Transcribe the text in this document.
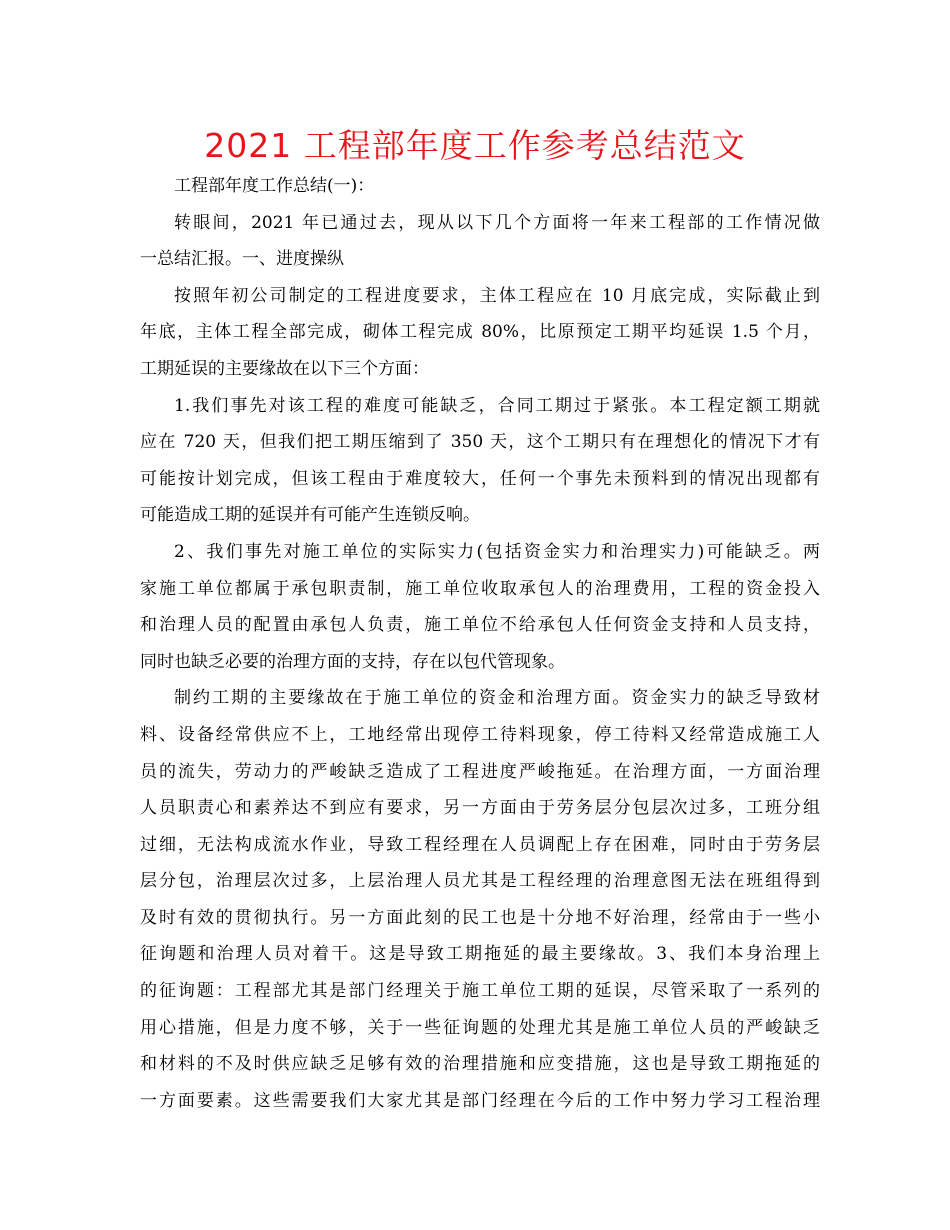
2021 工程部年度工作参考总结范文
工程部年度工作总结(一)：
转眼间，2021 年已通过去，现从以下几个方面将一年来工程部的工作情况做
一总结汇报。一、进度操纵
按照年初公司制定的工程进度要求，主体工程应在 10 月底完成，实际截止到
年底，主体工程全部完成，砌体工程完成 80%，比原预定工期平均延误 1.5 个月，
工期延误的主要缘故在以下三个方面：
1.我们事先对该工程的难度可能缺乏，合同工期过于紧张。本工程定额工期就
应在 720 天，但我们把工期压缩到了 350 天，这个工期只有在理想化的情况下才有
可能按计划完成，但该工程由于难度较大，任何一个事先未预料到的情况出现都有
可能造成工期的延误并有可能产生连锁反响。
2、我们事先对施工单位的实际实力(包括资金实力和治理实力)可能缺乏。两
家施工单位都属于承包职责制，施工单位收取承包人的治理费用，工程的资金投入
和治理人员的配置由承包人负责，施工单位不给承包人任何资金支持和人员支持，
同时也缺乏必要的治理方面的支持，存在以包代管现象。
制约工期的主要缘故在于施工单位的资金和治理方面。资金实力的缺乏导致材
料、设备经常供应不上，工地经常出现停工待料现象，停工待料又经常造成施工人
员的流失，劳动力的严峻缺乏造成了工程进度严峻拖延。在治理方面，一方面治理
人员职责心和素养达不到应有要求，另一方面由于劳务层分包层次过多，工班分组
过细，无法构成流水作业，导致工程经理在人员调配上存在困难，同时由于劳务层
层分包，治理层次过多，上层治理人员尤其是工程经理的治理意图无法在班组得到
及时有效的贯彻执行。另一方面此刻的民工也是十分地不好治理，经常由于一些小
征询题和治理人员对着干。这是导致工期拖延的最主要缘故。3、我们本身治理上
的征询题：工程部尤其是部门经理关于施工单位工期的延误，尽管采取了一系列的
用心措施，但是力度不够，关于一些征询题的处理尤其是施工单位人员的严峻缺乏
和材料的不及时供应缺乏足够有效的治理措施和应变措施，这也是导致工期拖延的
一方面要素。这些需要我们大家尤其是部门经理在今后的工作中努力学习工程治理
